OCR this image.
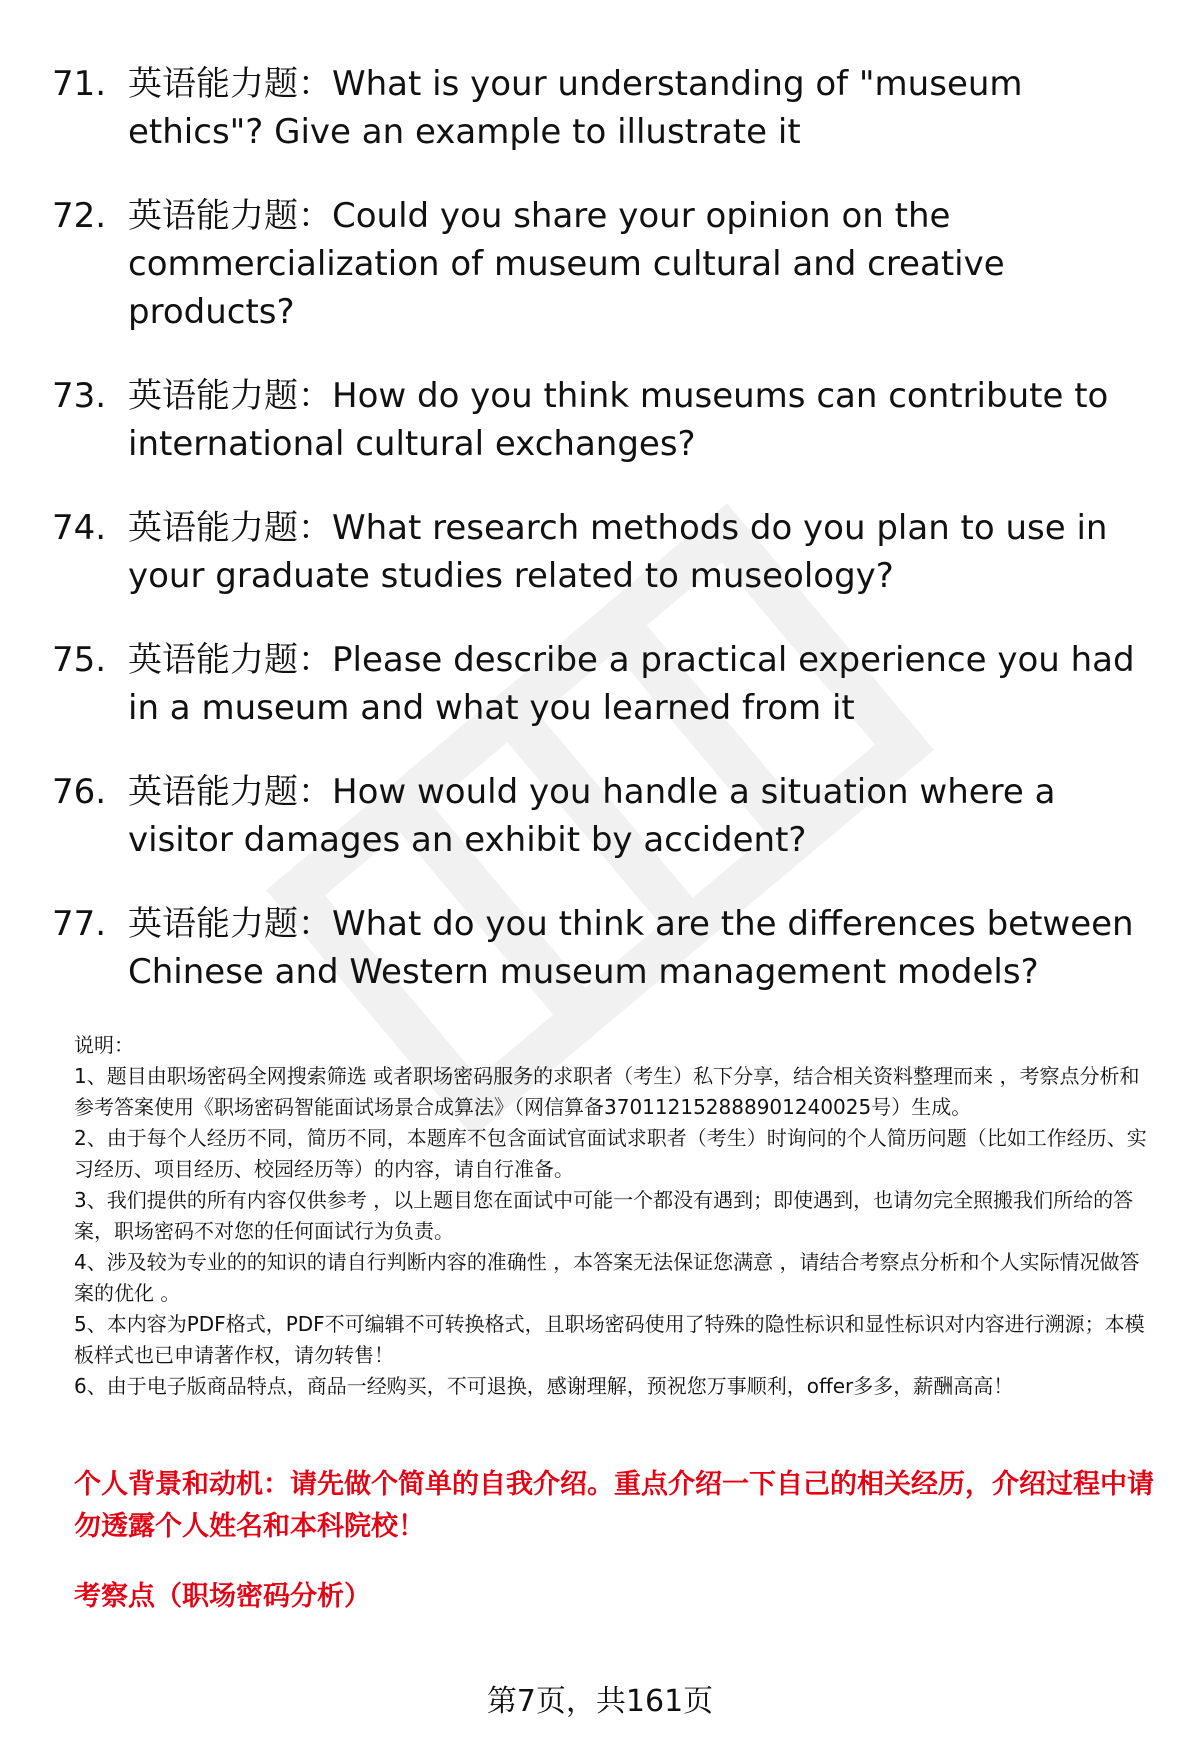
71. 英语能力题：What is your understanding of "museum ethics"? Give an example to illustrate it
72. 英语能力题：Could you share your opinion on the commercialization of museum cultural and creative products?
73. 英语能力题：How do you think museums can contribute to international cultural exchanges?
74. 英语能力题：What research methods do you plan to use in your graduate studies related to museology?
75. 英语能力题：Please describe a practical experience you had in a museum and what you learned from it
76. 英语能力题：How would you handle a situation where a visitor damages an exhibit by accident?
77. 英语能力题：What do you think are the differences between Chinese and Western museum management models?

说明：

1、题目由职场密码全网搜索筛选 或者职场密码服务的求职者（考生）私下分享，结合相关资料整理而来 ，考察点分析和参考答案使用《职场密码智能面试场景合成算法》（网信算备370112152888901240025号）生成。

2、由于每个人经历不同，简历不同，本题库不包含面试官面试求职者（考生）时询问的个人简历问题（比如工作经历、实习经历、项目经历、校园经历等）的内容，请自行准备。

3、我们提供的所有内容仅供参考 ，以上题目您在面试中可能一个都没有遇到；即使遇到，也请勿完全照搬我们所给的答案，职场密码不对您的任何面试行为负责。

4、涉及较为专业的的知识的请自行判断内容的准确性 ，本答案无法保证您满意 ，请结合考察点分析和个人实际情况做答案的优化 。

5、本内容为PDF格式，PDF不可编辑不可转换格式，且职场密码使用了特殊的隐性标识和显性标识对内容进行溯源；本模板样式也已申请著作权，请勿转售！

6、由于电子版商品特点，商品一经购买，不可退换，感谢理解，预祝您万事顺利，offer多多，薪酬高高！

个人背景和动机：请先做个简单的自我介绍。重点介绍一下自己的相关经历，介绍过程中请勿透露个人姓名和本科院校！
考察点（职场密码分析）
第7页，共161页
